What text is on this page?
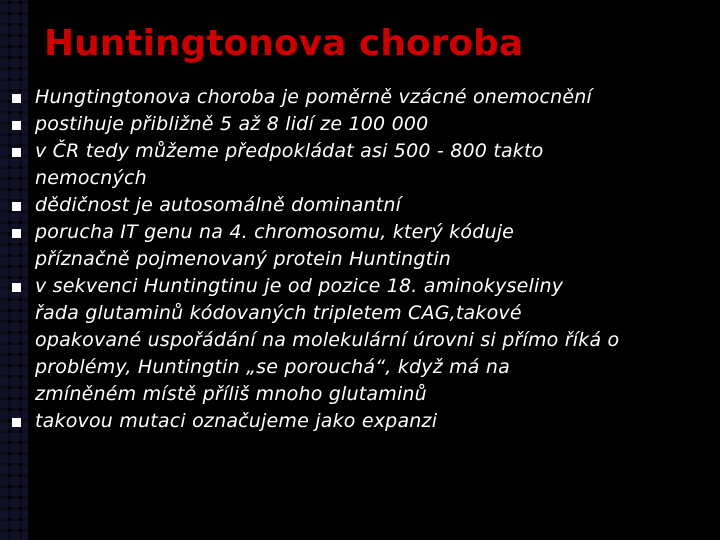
Huntingtonova choroba
Hungtingtonova choroba je poměrně vzácné onemocnění
postihuje přibližně 5 až 8 lidí ze 100 000
v ČR tedy můžeme předpokládat asi 500 - 800 takto
nemocných
dědičnost je autosomálně dominantní
porucha IT genu na 4. chromosomu, který kóduje
příznačně pojmenovaný protein Huntingtin
v sekvenci Huntingtinu je od pozice 18. aminokyseliny
řada glutaminů kódovaných tripletem CAG,takové
opakované uspořádání na molekulární úrovni si přímo říká o
problémy, Huntingtin „se porouchá“, když má na
zmíněném místě příliš mnoho glutaminů
takovou mutaci označujeme jako expanzi
